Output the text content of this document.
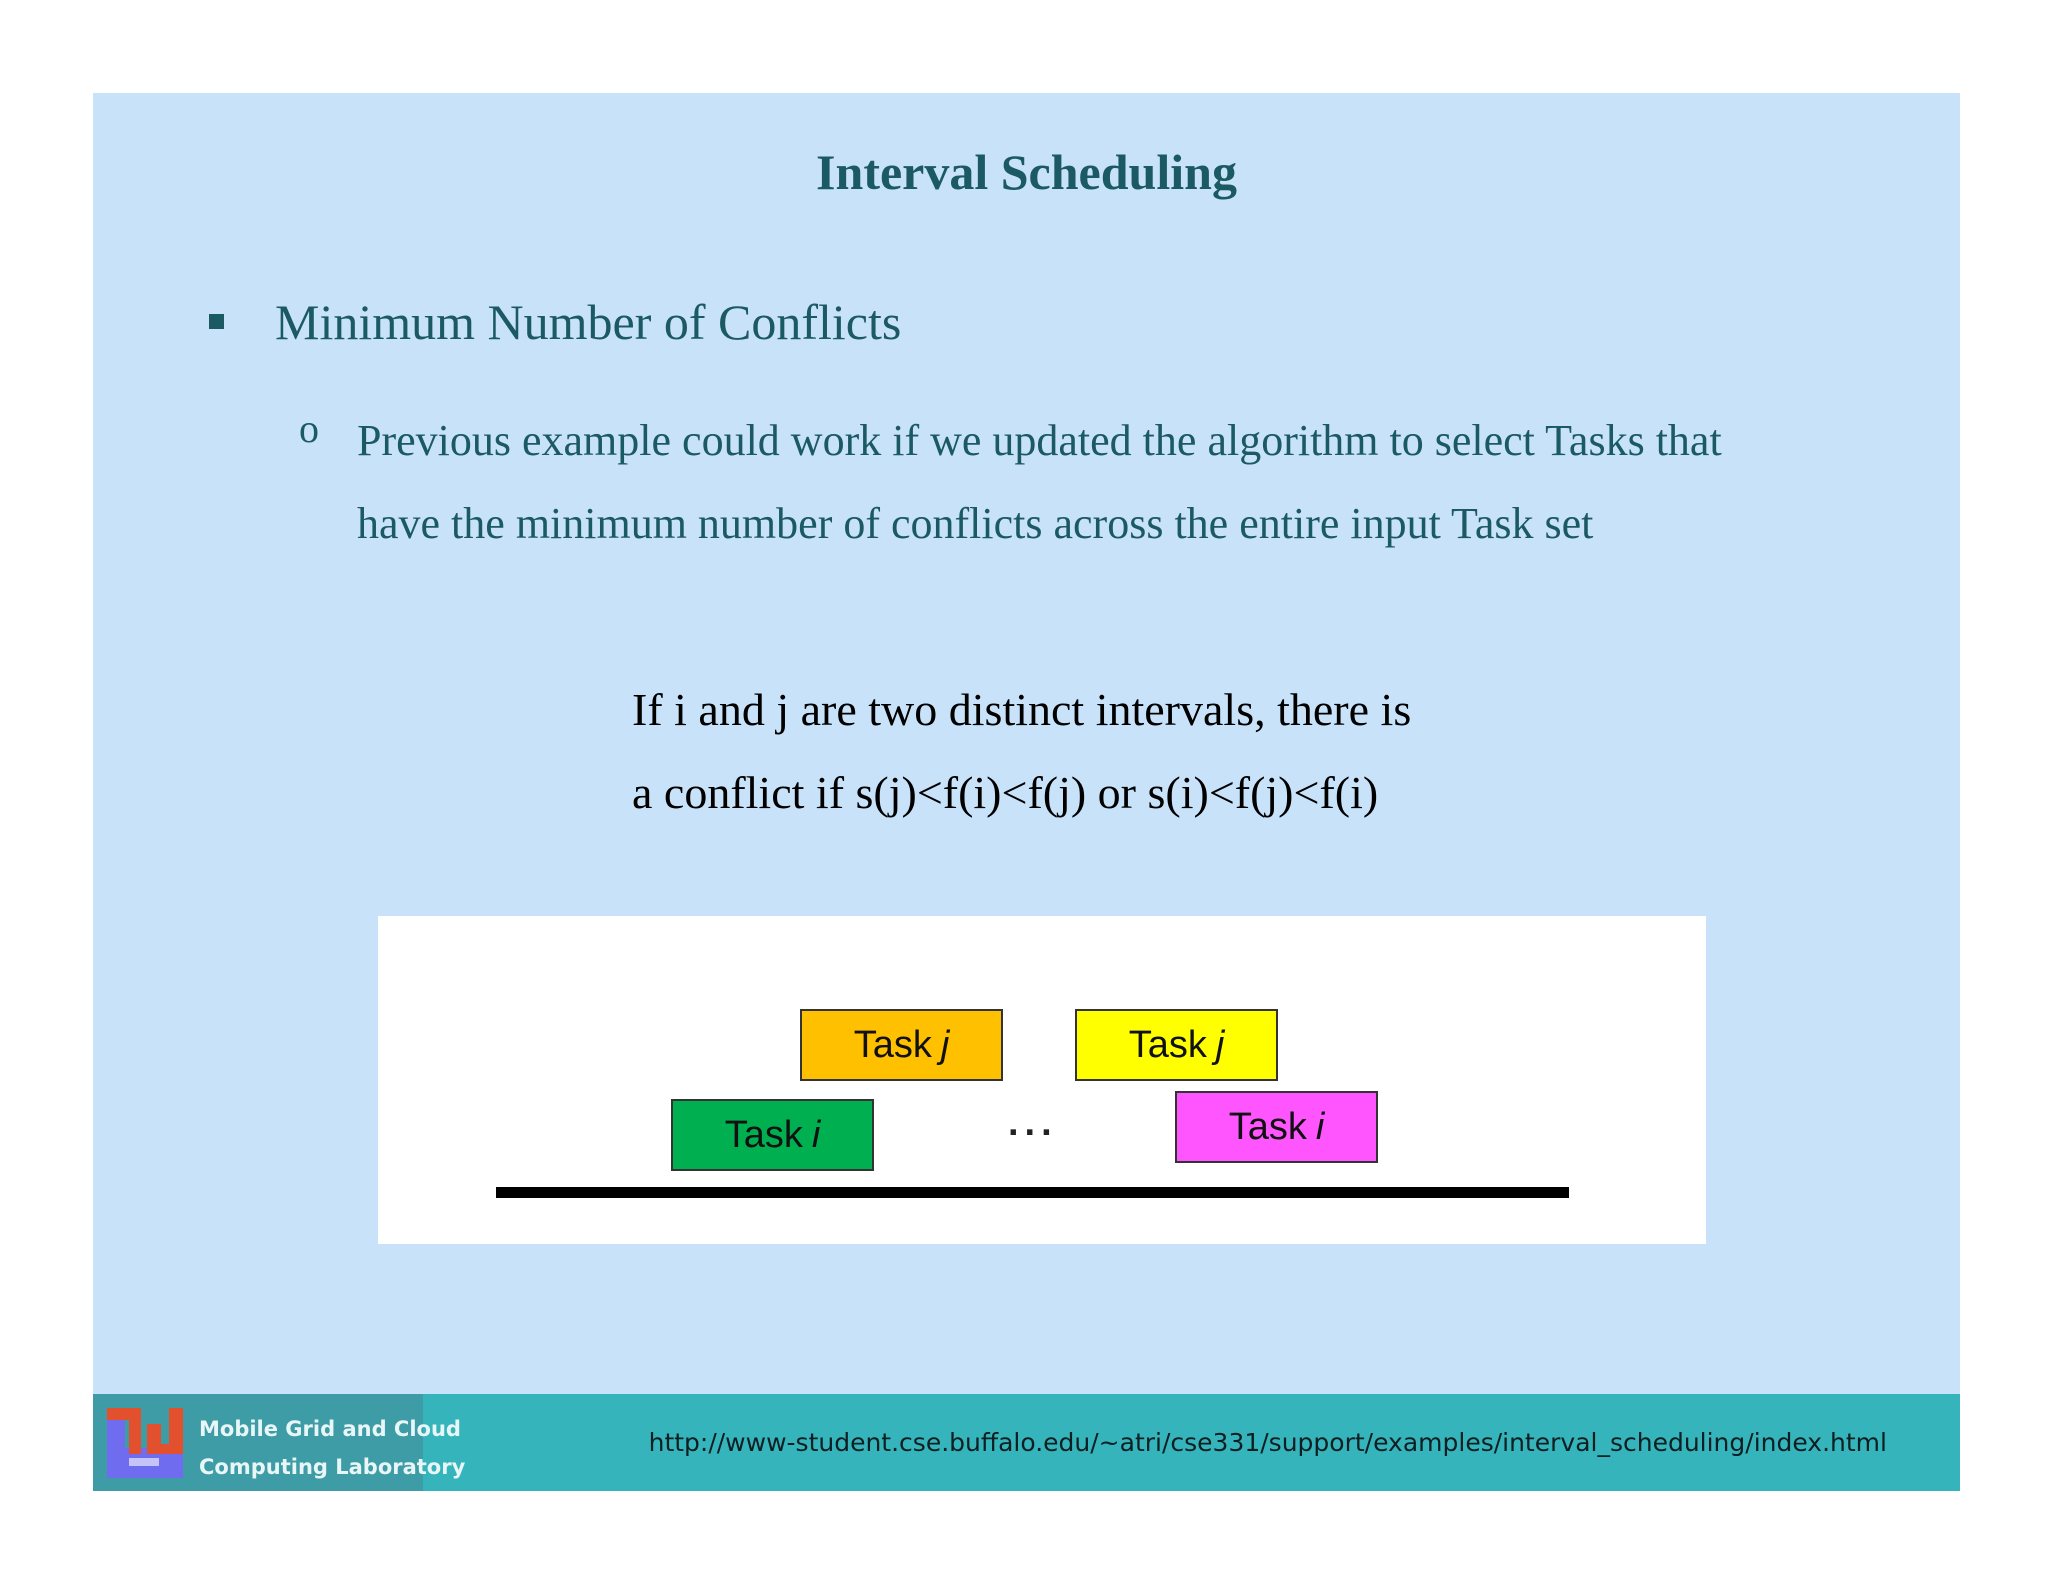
Interval Scheduling
Minimum Number of Conflicts
o Previous example could work if we updated the algorithm to select Tasks that
have the minimum number of conflicts across the entire input Task set
If i and j are two distinct intervals, there is
a conflict if s(j)<f(i)<f(j) or s(i)<f(j)<f(i)
Task j	Task j
Task i	Task i
...
Mobile Grid and Cloud
Computing Laboratory
http://www-student.cse.buffalo.edu/~atri/cse331/support/examples/interval_scheduling/index.html
